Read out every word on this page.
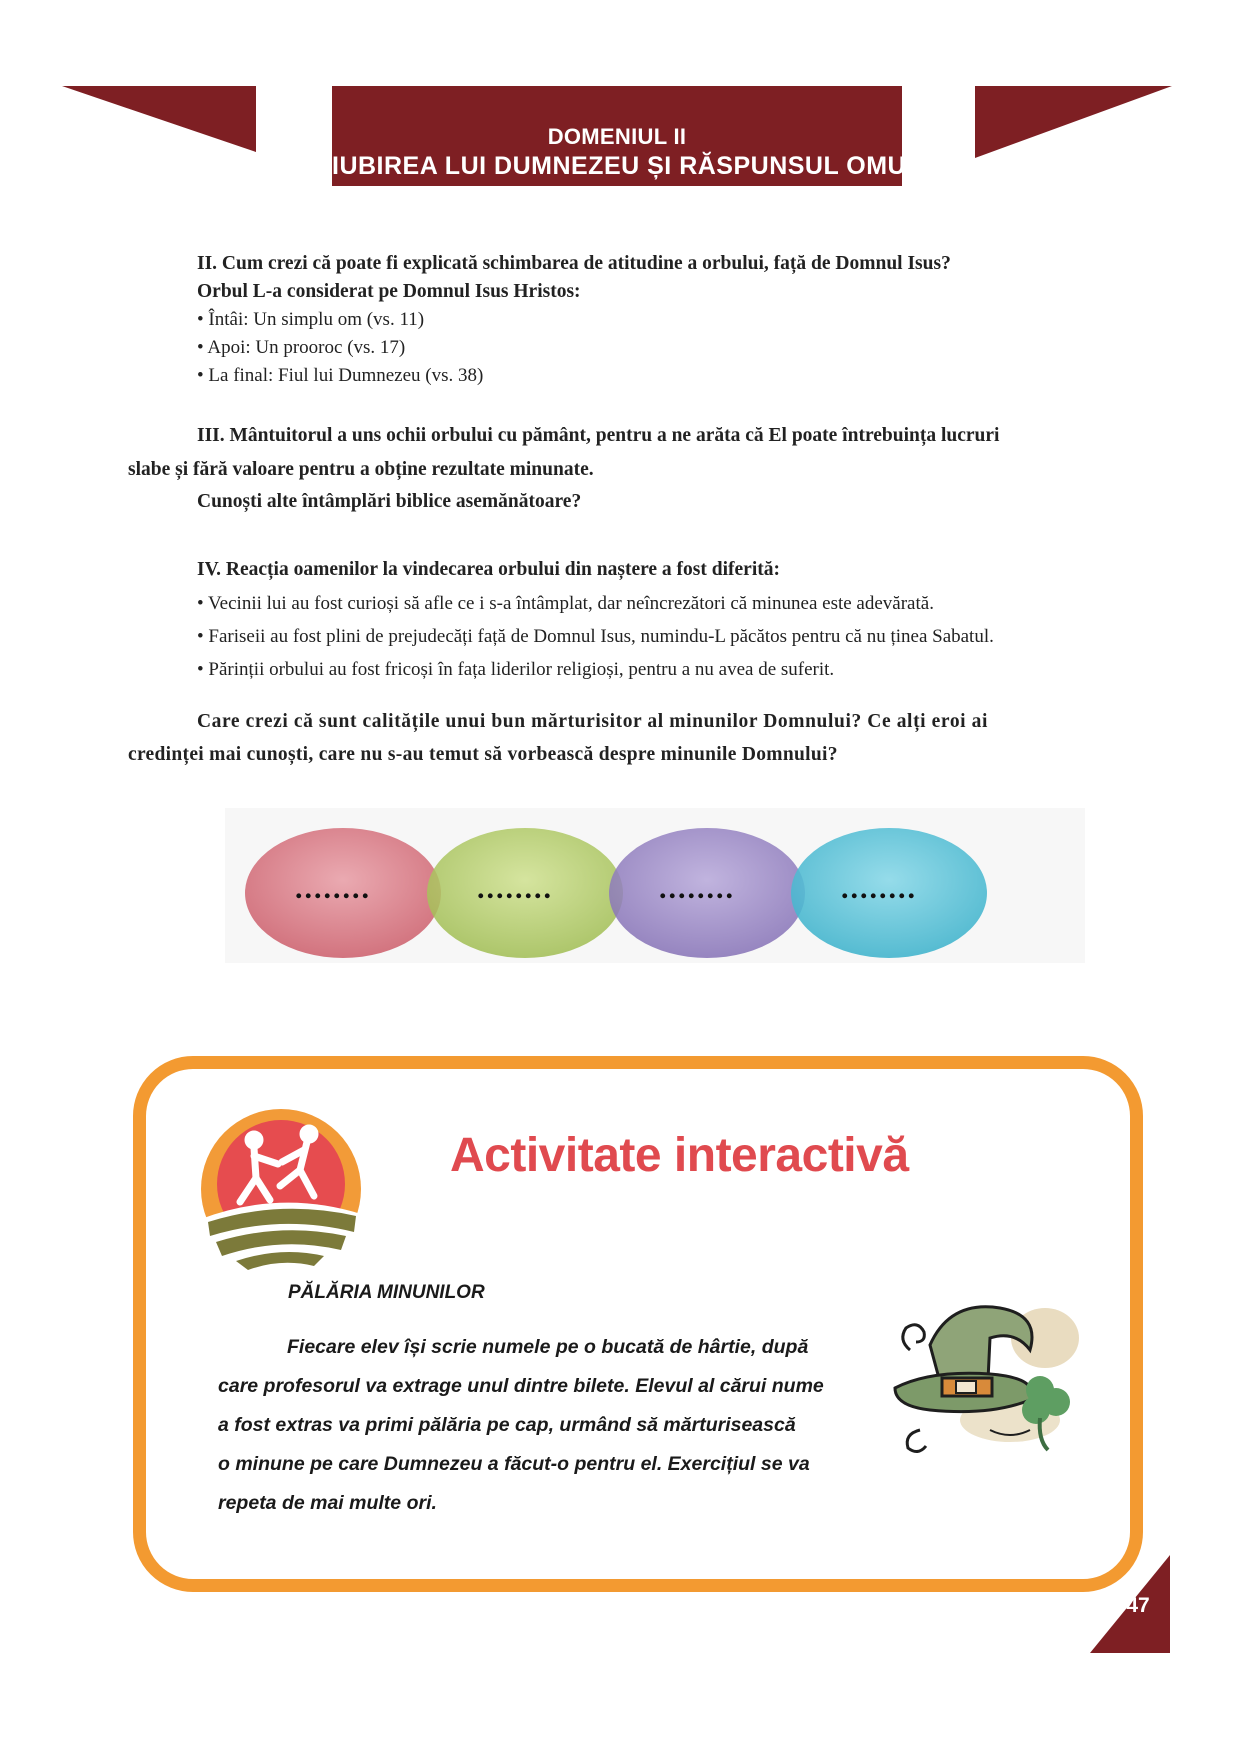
DOMENIUL II
IUBIREA LUI DUMNEZEU ȘI RĂSPUNSUL OMULUI
II. Cum crezi că poate fi explicată schimbarea de atitudine a orbului, față de Domnul Isus?
Orbul L-a considerat pe Domnul Isus Hristos:
• Întâi: Un simplu om (vs. 11)
• Apoi: Un prooroc (vs. 17)
• La final: Fiul lui Dumnezeu (vs. 38)
III. Mântuitorul a uns ochii orbului cu pământ, pentru a ne arăta că El poate întrebuința lucruri
slabe și fără valoare pentru a obține rezultate minunate.
Cunoști alte întâmplări biblice asemănătoare?
IV. Reacția oamenilor la vindecarea orbului din naștere a fost diferită:
• Vecinii lui au fost curioși să afle ce i s-a întâmplat, dar neîncrezători că minunea este adevărată.
• Fariseii au fost plini de prejudecăți față de Domnul Isus, numindu-L păcătos pentru că nu ținea Sabatul.
• Părinții orbului au fost fricoși în fața liderilor religioși, pentru a nu avea de suferit.
Care crezi că sunt calitățile unui bun mărturisitor al minunilor Domnului? Ce alți eroi ai
credinței mai cunoști, care nu s-au temut să vorbească despre minunile Domnului?
........	........	........	........
Activitate interactivă
PĂLĂRIA MINUNILOR
Fiecare elev își scrie numele pe o bucată de hârtie, după
care profesorul va extrage unul dintre bilete. Elevul al cărui nume
a fost extras va primi pălăria pe cap, urmând să mărturisească
o minune pe care Dumnezeu a făcut-o pentru el. Exercițiul se va
repeta de mai multe ori.
47
